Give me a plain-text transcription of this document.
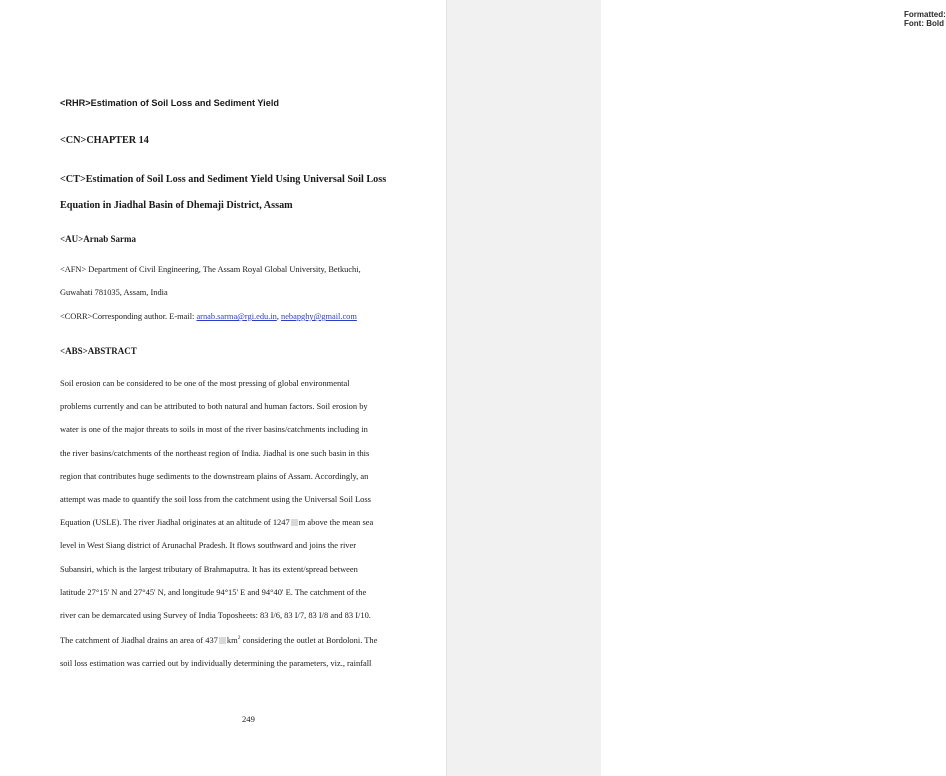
Formatted: Font: Bold
<RHR>Estimation of Soil Loss and Sediment Yield
<CN>CHAPTER 14
<CT>Estimation of Soil Loss and Sediment Yield Using Universal Soil Loss
Equation in Jiadhal Basin of Dhemaji District, Assam
<AU>Arnab Sarma
<AFN> Department of Civil Engineering, The Assam Royal Global University, Betkuchi,
Guwahati 781035, Assam, India
<CORR>Corresponding author. E-mail: arnab.sarma@rgi.edu.in, nebapghy@gmail.com
<ABS>ABSTRACT
Soil erosion can be considered to be one of the most pressing of global environmental
problems currently and can be attributed to both natural and human factors. Soil erosion by
water is one of the major threats to soils in most of the river basins/catchments including in
the river basins/catchments of the northeast region of India. Jiadhal is one such basin in this
region that contributes huge sediments to the downstream plains of Assam. Accordingly, an
attempt was made to quantify the soil loss from the catchment using the Universal Soil Loss
Equation (USLE). The river Jiadhal originates at an altitude of 1247 m above the mean sea
level in West Siang district of Arunachal Pradesh. It flows southward and joins the river
Subansiri, which is the largest tributary of Brahmaputra. It has its extent/spread between
latitude 27°15' N and 27°45' N, and longitude 94°15' E and 94°40' E. The catchment of the
river can be demarcated using Survey of India Toposheets: 83 I/6, 83 I/7, 83 I/8 and 83 I/10.
The catchment of Jiadhal drains an area of 437 $km^2$ considering the outlet at Bordoloni. The
soil loss estimation was carried out by individually determining the parameters, viz., rainfall
249
